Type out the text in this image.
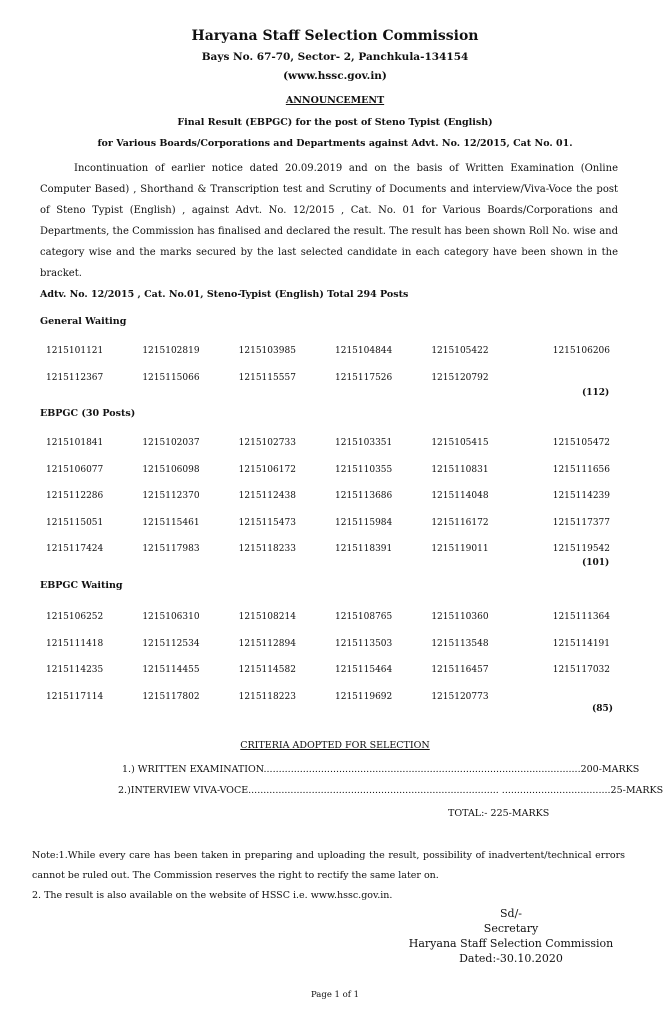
Haryana Staff Selection Commission
Bays No. 67-70, Sector- 2, Panchkula-134154
(www.hssc.gov.in)
ANNOUNCEMENT
Final Result (EBPGC) for the post of Steno Typist (English)
for Various Boards/Corporations and Departments against Advt. No. 12/2015, Cat No. 01.
Incontinuation of earlier notice dated 20.09.2019 and on the basis of Written Examination (Online Computer Based) , Shorthand & Transcription test and Scrutiny of Documents and interview/Viva-Voce the post of Steno Typist (English) , against Advt. No. 12/2015 , Cat. No. 01 for Various Boards/Corporations and Departments, the Commission has finalised and declared the result. The result has been shown Roll No. wise and category wise and the marks secured by the last selected candidate in each category have been shown in the bracket.
Adtv. No. 12/2015 , Cat. No.01, Steno-Typist (English) Total 294 Posts
General Waiting
1215101121	1215102819	1215103985	1215104844	1215105422	1215106206
1215112367	1215115066	1215115557	1215117526	1215120792
(112)
EBPGC (30 Posts)
1215101841	1215102037	1215102733	1215103351	1215105415	1215105472
1215106077	1215106098	1215106172	1215110355	1215110831	1215111656
1215112286	1215112370	1215112438	1215113686	1215114048	1215114239
1215115051	1215115461	1215115473	1215115984	1215116172	1215117377
1215117424	1215117983	1215118233	1215118391	1215119011	1215119542
(101)
EBPGC Waiting
1215106252	1215106310	1215108214	1215108765	1215110360	1215111364
1215111418	1215112534	1215112894	1215113503	1215113548	1215114191
1215114235	1215114455	1215114582	1215115464	1215116457	1215117032
1215117114	1215117802	1215118223	1215119692	1215120773
(85)
CRITERIA ADOPTED FOR SELECTION
1.) WRITTEN EXAMINATION.........................................................................................................200-MARKS
2.)INTERVIEW VIVA-VOCE................................................................................... ....................................25-MARKS
TOTAL:- 225-MARKS
Note:1.While every care has been taken in preparing and uploading the result, possibility of inadvertent/technical errors cannot be ruled out. The Commission reserves the right to rectify the same later on.
2. The result is also available on the website of HSSC i.e. www.hssc.gov.in.
Sd/-
Secretary
Haryana Staff Selection Commission
Dated:-30.10.2020
Page 1 of 1
